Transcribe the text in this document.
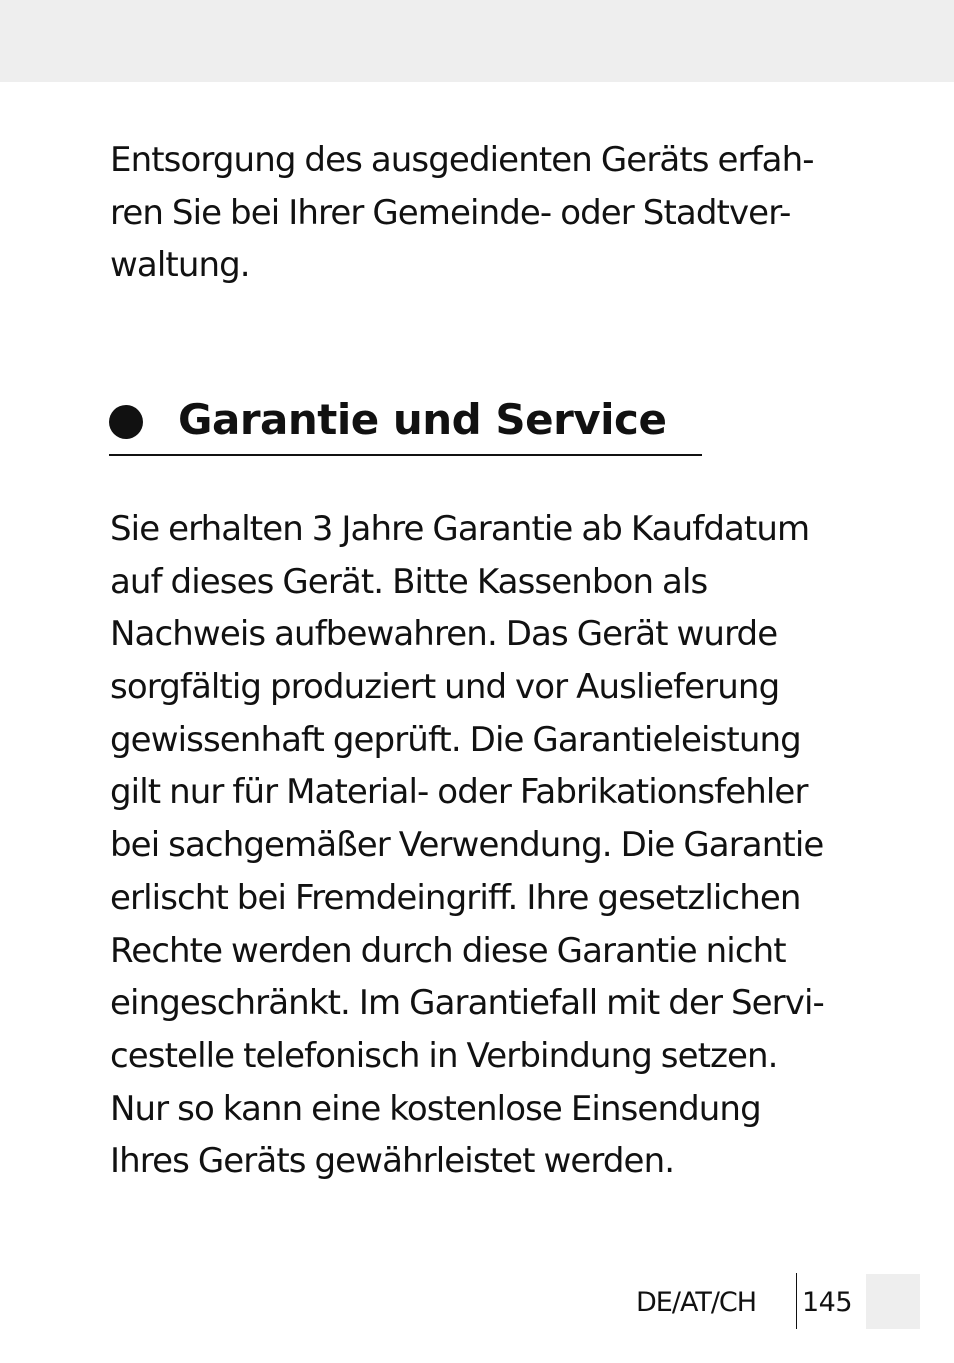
Entsorgung des ausgedienten Geräts erfah-
ren Sie bei Ihrer Gemeinde- oder Stadtver-
waltung.
Garantie und Service
Sie erhalten 3 Jahre Garantie ab Kaufdatum
auf dieses Gerät. Bitte Kassenbon als
Nachweis aufbewahren. Das Gerät wurde
sorgfältig produziert und vor Auslieferung
gewissenhaft geprüft. Die Garantieleistung
gilt nur für Material- oder Fabrikationsfehler
bei sachgemäßer Verwendung. Die Garantie
erlischt bei Fremdeingriff. Ihre gesetzlichen
Rechte werden durch diese Garantie nicht
eingeschränkt. Im Garantiefall mit der Servi-
cestelle telefonisch in Verbindung setzen.
Nur so kann eine kostenlose Einsendung
Ihres Geräts gewährleistet werden.
DE/AT/CH 145
